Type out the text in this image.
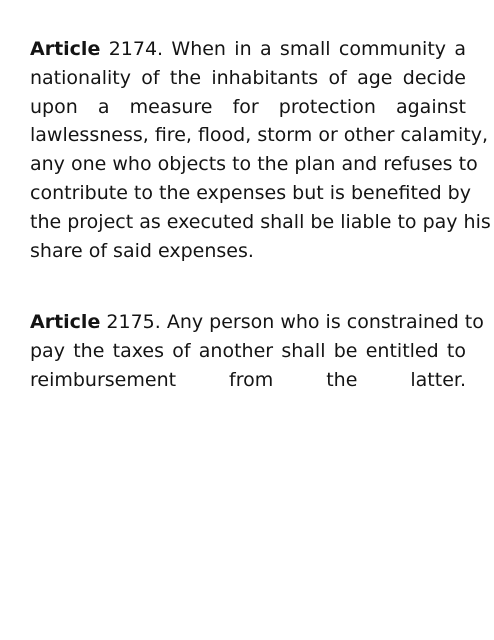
Article 2174. When in a small community a
nationality of the inhabitants of age decide
upon a measure for protection against
lawlessness, fire, flood, storm or other calamity,
any one who objects to the plan and refuses to
contribute to the expenses but is benefited by
the project as executed shall be liable to pay his
share of said expenses.

Article 2175. Any person who is constrained to
pay the taxes of another shall be entitled to
reimbursement from the latter.
